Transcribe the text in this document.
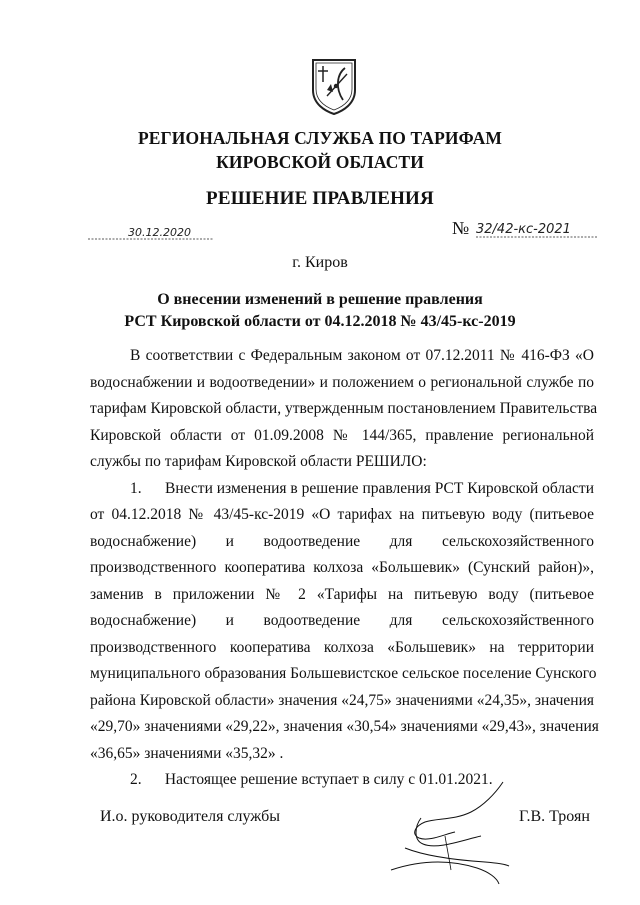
РЕГИОНАЛЬНАЯ СЛУЖБА ПО ТАРИФАМ
КИРОВСКОЙ ОБЛАСТИ
РЕШЕНИЕ ПРАВЛЕНИЯ
30.12.2020	№ 32/42-кс-2021
г. Киров
О внесении изменений в решение правления
РСТ Кировской области от 04.12.2018 № 43/45-кс-2019
В соответствии с Федеральным законом от 07.12.2011 № 416-ФЗ «О
водоснабжении и водоотведении» и положением о региональной службе по
тарифам Кировской области, утвержденным постановлением Правительства
Кировской области от 01.09.2008 № 144/365, правление региональной
службы по тарифам Кировской области РЕШИЛО:
1.      Внести изменения в решение правления РСТ Кировской области
от 04.12.2018 № 43/45-кс-2019 «О тарифах на питьевую воду (питьевое
водоснабжение) и водоотведение для сельскохозяйственного
производственного кооператива колхоза «Большевик» (Сунский район)»,
заменив в приложении № 2 «Тарифы на питьевую воду (питьевое
водоснабжение) и водоотведение для сельскохозяйственного
производственного кооператива колхоза «Большевик» на территории
муниципального образования Большевистское сельское поселение Сунского
района Кировской области» значения «24,75» значениями «24,35», значения
«29,70» значениями «29,22», значения «30,54» значениями «29,43», значения
«36,65» значениями «35,32» .
2.      Настоящее решение вступает в силу с 01.01.2021.
И.о. руководителя службы	Г.В. Троян
